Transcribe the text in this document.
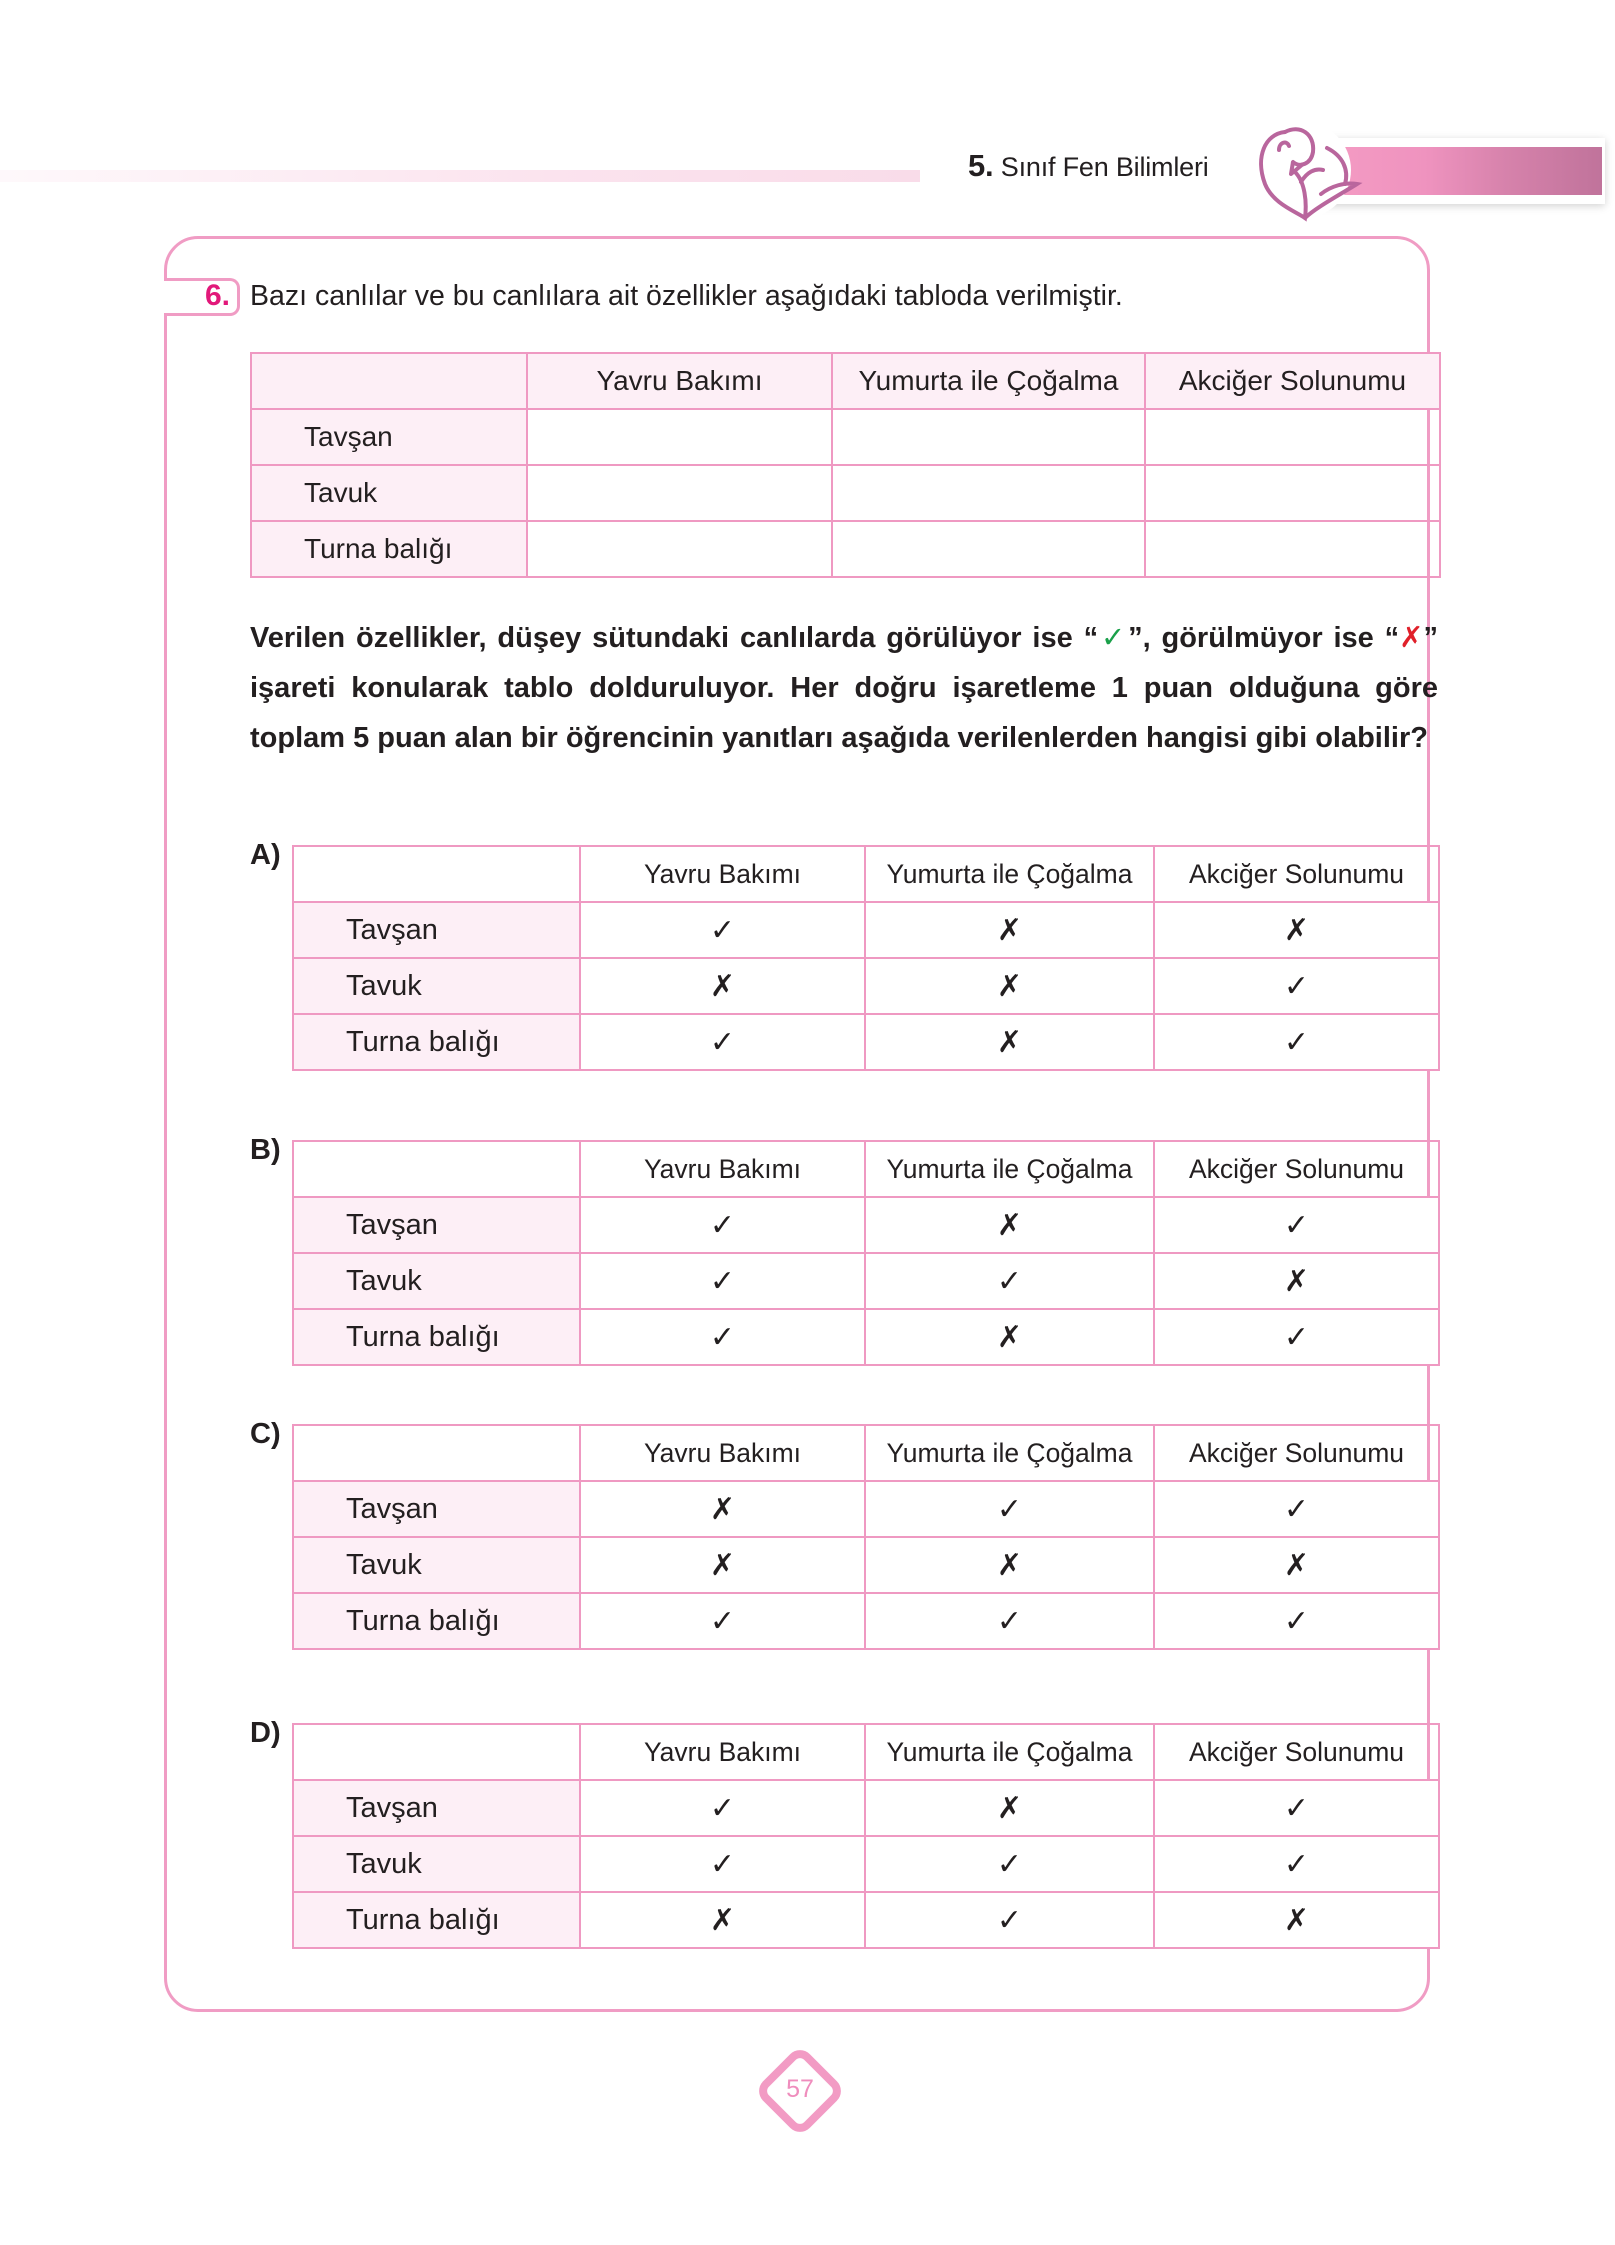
5. Sınıf Fen Bilimleri
6. Bazı canlılar ve bu canlılara ait özellikler aşağıdaki tabloda verilmiştir.
	Yavru Bakımı	Yumurta ile Çoğalma	Akciğer Solunumu
Tavşan			
Tavuk			
Turna balığı			
Verilen özellikler, düşey sütundaki canlılarda görülüyor ise “✓”, görülmüyor ise “✗” işareti konularak tablo dolduruluyor. Her doğru işaretleme 1 puan olduğuna göre toplam 5 puan alan bir öğrencinin yanıtları aşağıda verilenlerden hangisi gibi olabilir?
A)
	Yavru Bakımı	Yumurta ile Çoğalma	Akciğer Solunumu
Tavşan	✓	✗	✗
Tavuk	✗	✗	✓
Turna balığı	✓	✗	✓
B)
	Yavru Bakımı	Yumurta ile Çoğalma	Akciğer Solunumu
Tavşan	✓	✗	✓
Tavuk	✓	✓	✗
Turna balığı	✓	✗	✓
C)
	Yavru Bakımı	Yumurta ile Çoğalma	Akciğer Solunumu
Tavşan	✗	✓	✓
Tavuk	✗	✗	✗
Turna balığı	✓	✓	✓
D)
	Yavru Bakımı	Yumurta ile Çoğalma	Akciğer Solunumu
Tavşan	✓	✗	✓
Tavuk	✓	✓	✓
Turna balığı	✗	✓	✗
57
